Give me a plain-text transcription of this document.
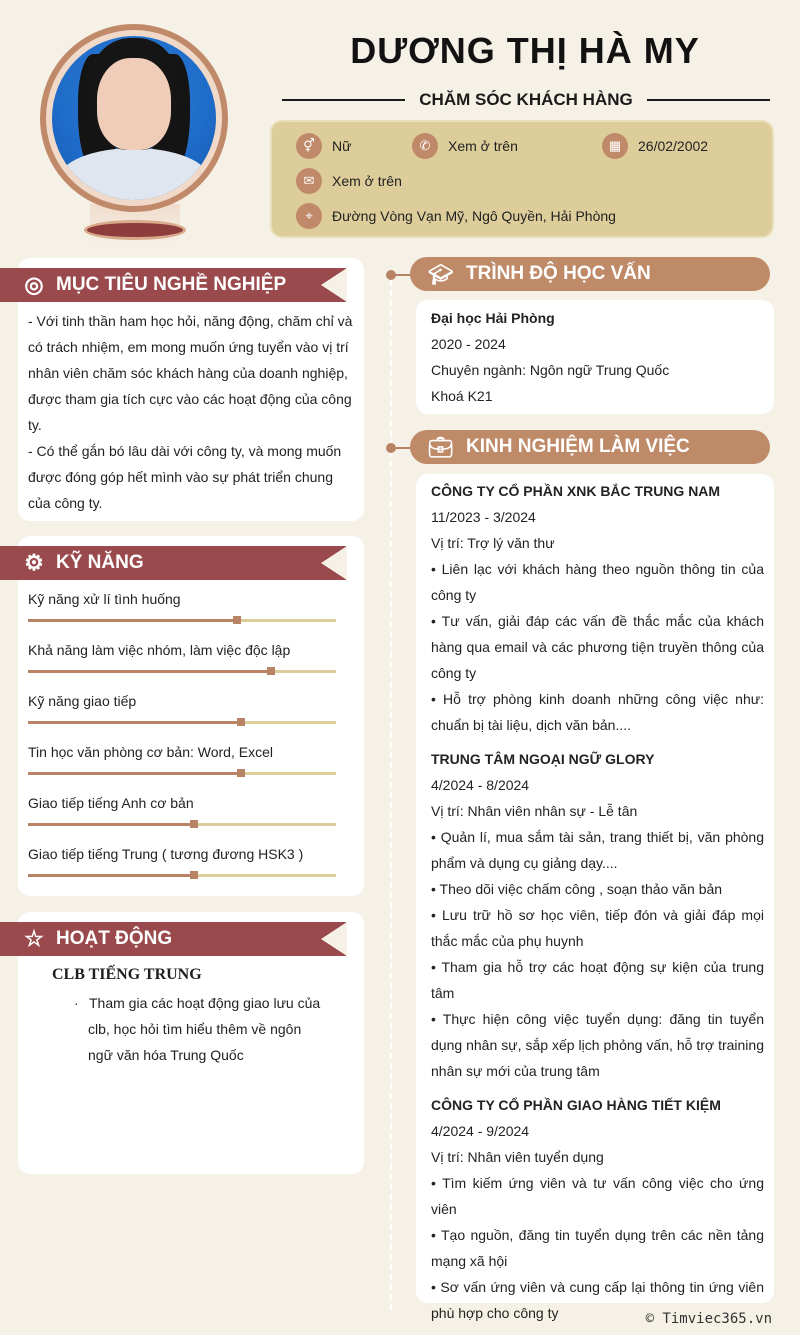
DƯƠNG THỊ HÀ MY
CHĂM SÓC KHÁCH HÀNG
⚥	Nữ	✆	Xem ở trên	▦	26/02/2002
✉	Xem ở trên
⌖	Đường Vòng Vạn Mỹ, Ngô Quyền, Hải Phòng
- Với tinh thần ham học hỏi, năng động, chăm chỉ và có trách nhiệm, em mong muốn ứng tuyển vào vị trí nhân viên chăm sóc khách hàng của doanh nghiệp, được tham gia tích cực vào các hoạt động của công ty.
- Có thể gắn bó lâu dài với công ty, và mong muốn được đóng góp hết mình vào sự phát triển chung của công ty.
◎ MỤC TIÊU NGHỀ NGHIỆP
⚙ KỸ NĂNG
Kỹ năng xử lí tình huống
Khả năng làm việc nhóm, làm việc độc lập
Kỹ năng giao tiếp
Tin học văn phòng cơ bản: Word, Excel
Giao tiếp tiếng Anh cơ bản
Giao tiếp tiếng Trung ( tương đương HSK3 )
CLB TIẾNG TRUNG
· Tham gia các hoạt động giao lưu của clb, học hỏi tìm hiểu thêm về ngôn ngữ văn hóa Trung Quốc
☆ HOẠT ĐỘNG
🎓︎ TRÌNH ĐỘ HỌC VẤN
Đại học Hải Phòng
2020 - 2024
Chuyên ngành: Ngôn ngữ Trung Quốc
Khoá K21
💼︎ KINH NGHIỆM LÀM VIỆC
CÔNG TY CỔ PHẦN XNK BẮC TRUNG NAM
11/2023 - 3/2024
Vị trí: Trợ lý văn thư
• Liên lạc với khách hàng theo nguồn thông tin của công ty
• Tư vấn, giải đáp các vấn đề thắc mắc của khách hàng qua email và các phương tiện truyền thông của công ty
• Hỗ trợ phòng kinh doanh những công việc như: chuẩn bị tài liệu, dịch văn bản....
TRUNG TÂM NGOẠI NGỮ GLORY
4/2024 - 8/2024
Vị trí: Nhân viên nhân sự - Lễ tân
• Quản lí, mua sắm tài sản, trang thiết bị, văn phòng phẩm và dụng cụ giảng dạy....
• Theo dõi việc chấm công , soạn thảo văn bản
• Lưu trữ hồ sơ học viên, tiếp đón và giải đáp mọi thắc mắc của phụ huynh
• Tham gia hỗ trợ các hoạt động sự kiện của trung tâm
• Thực hiện công việc tuyển dụng: đăng tin tuyển dụng nhân sự, sắp xếp lịch phỏng vấn, hỗ trợ training nhân sự mới của trung tâm
CÔNG TY CỔ PHẦN GIAO HÀNG TIẾT KIỆM
4/2024 - 9/2024
Vị trí: Nhân viên tuyển dụng
• Tìm kiếm ứng viên và tư vấn công việc cho ứng viên
• Tạo nguồn, đăng tin tuyển dụng trên các nền tảng mạng xã hội
• Sơ vấn ứng viên và cung cấp lại thông tin ứng viên phù hợp cho công ty	© Timviec365.vn
